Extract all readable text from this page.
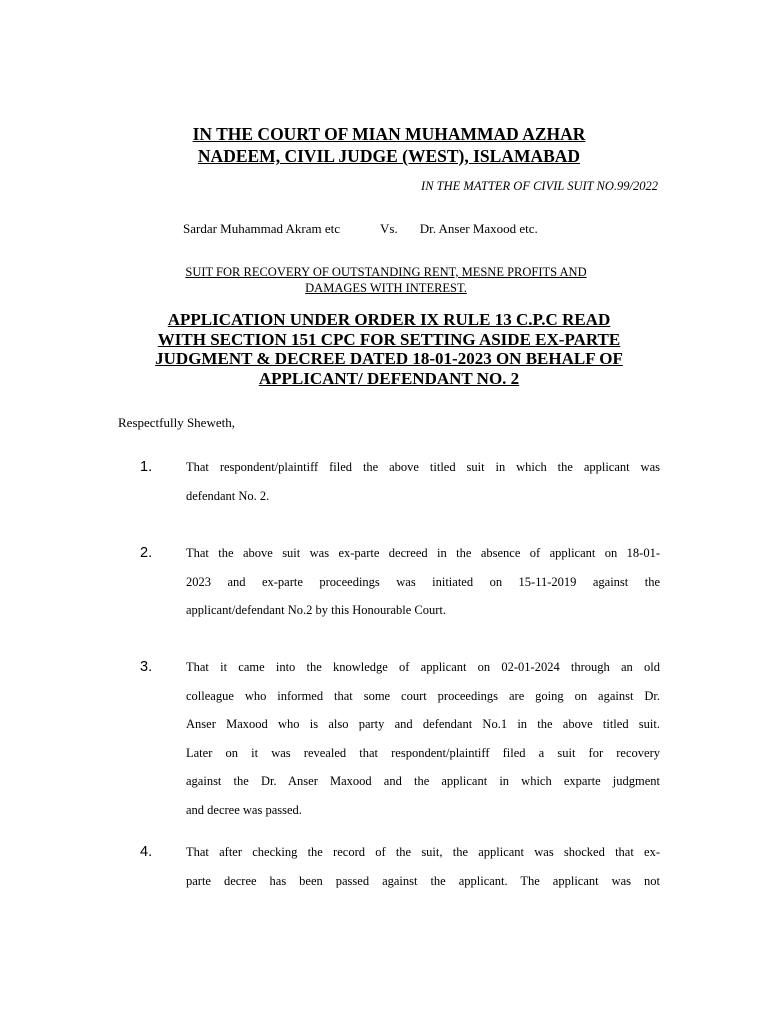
IN THE COURT OF MIAN MUHAMMAD AZHAR
NADEEM, CIVIL JUDGE (WEST), ISLAMABAD

IN THE MATTER OF CIVIL SUIT NO.99/2022

Sardar Muhammad Akram etc	Vs. Dr. Anser Maxood etc.

SUIT FOR RECOVERY OF OUTSTANDING RENT, MESNE PROFITS AND
DAMAGES WITH INTEREST.

APPLICATION UNDER ORDER IX RULE 13 C.P.C READ
WITH SECTION 151 CPC FOR SETTING ASIDE EX-PARTE
JUDGMENT & DECREE DATED 18-01-2023 ON BEHALF OF
APPLICANT/ DEFENDANT NO. 2

Respectfully Sheweth,

1.	That respondent/plaintiff filed the above titled suit in which the applicant was
defendant No. 2.

2.	That the above suit was ex-parte decreed in the absence of applicant on 18-01-
2023 and ex-parte proceedings was initiated on 15-11-2019 against the
applicant/defendant No.2 by this Honourable Court.

3.	That it came into the knowledge of applicant on 02-01-2024 through an old
colleague who informed that some court proceedings are going on against Dr.
Anser Maxood who is also party and defendant No.1 in the above titled suit.
Later on it was revealed that respondent/plaintiff filed a suit for recovery
against the Dr. Anser Maxood and the applicant in which exparte judgment
and decree was passed.

4.	That after checking the record of the suit, the applicant was shocked that ex-
parte decree has been passed against the applicant. The applicant was not
